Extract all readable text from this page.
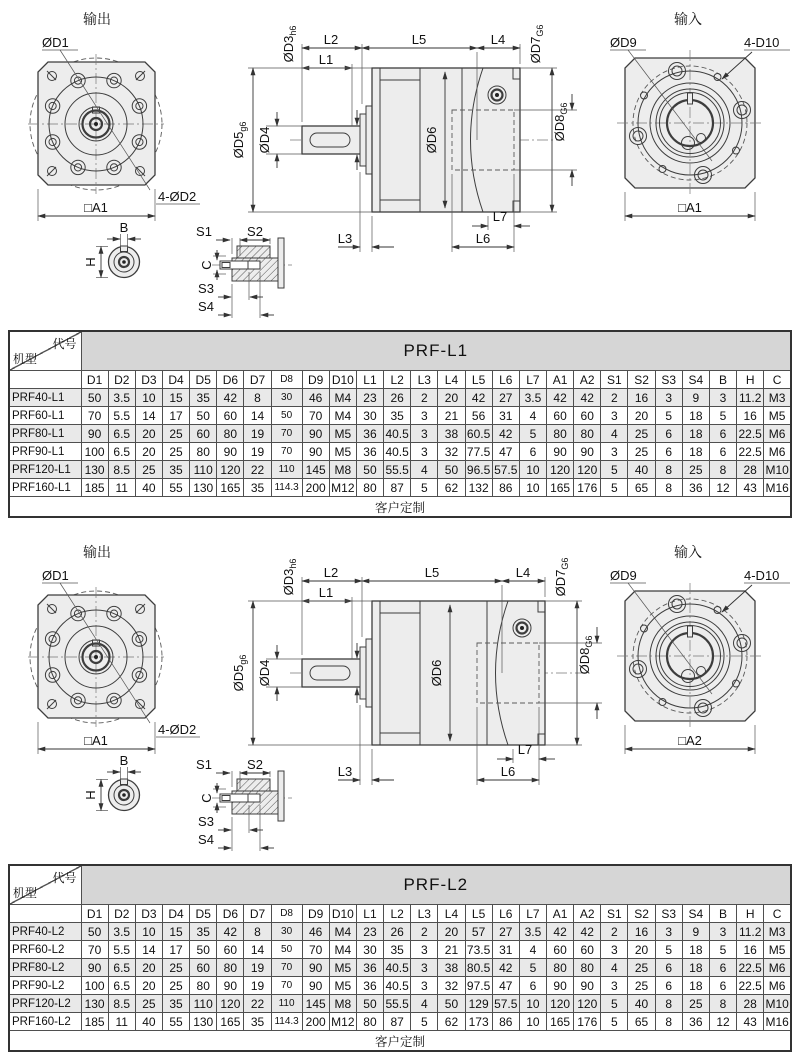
输出
ØD1
4-ØD2
□A1
L2
L1
L5	L4
$ØD3_{h6}$
$ØD5_{g6}$ ØD4	ØD6
$ØD7_{G6}$
$ØD8_{G6}$
L3
L7
L6
输入
ØD9	4-D10
□A1
B
H	C
S1	S2
S3
S4
代号
机型	PRF-L1																									
	D1	D2	D3	D4	D5	D6	D7	D8	D9	D10	L1	L2	L3	L4	L5	L6	L7	A1	A2	S1	S2	S3	S4	B	H	C
PRF40-L1	50	3.5	10	15	35	42	8	30	46	M4	23	26	2	20	42	27	3.5	42	42	2	16	3	9	3	11.2	M3
PRF60-L1	70	5.5	14	17	50	60	14	50	70	M4	30	35	3	21	56	31	4	60	60	3	20	5	18	5	16	M5
PRF80-L1	90	6.5	20	25	60	80	19	70	90	M5	36	40.5	3	38	60.5	42	5	80	80	4	25	6	18	6	22.5	M6
PRF90-L1	100	6.5	20	25	80	90	19	70	90	M5	36	40.5	3	32	77.5	47	6	90	90	3	25	6	18	6	22.5	M6
PRF120-L1	130	8.5	25	35	110	120	22	110	145	M8	50	55.5	4	50	96.5	57.5	10	120	120	5	40	8	25	8	28	M10
PRF160-L1	185	11	40	55	130	165	35	114.3	200	M12	80	87	5	62	132	86	10	165	176	5	65	8	36	12	43	M16
客户定制																										
输出
ØD1
4-ØD2
□A1
L2
L1
L5	L4
$ØD3_{h6}$
$ØD5_{g6}$ ØD4	ØD6
$ØD7_{G6}$
$ØD8_{G6}$
L3
L7
L6
输入
ØD9	4-D10
□A2
B
H	C
S1	S2
S3
S4
代号
机型	PRF-L2																									
	D1	D2	D3	D4	D5	D6	D7	D8	D9	D10	L1	L2	L3	L4	L5	L6	L7	A1	A2	S1	S2	S3	S4	B	H	C
PRF40-L2	50	3.5	10	15	35	42	8	30	46	M4	23	26	2	20	57	27	3.5	42	42	2	16	3	9	3	11.2	M3
PRF60-L2	70	5.5	14	17	50	60	14	50	70	M4	30	35	3	21	73.5	31	4	60	60	3	20	5	18	5	16	M5
PRF80-L2	90	6.5	20	25	60	80	19	70	90	M5	36	40.5	3	38	80.5	42	5	80	80	4	25	6	18	6	22.5	M6
PRF90-L2	100	6.5	20	25	80	90	19	70	90	M5	36	40.5	3	32	97.5	47	6	90	90	3	25	6	18	6	22.5	M6
PRF120-L2	130	8.5	25	35	110	120	22	110	145	M8	50	55.5	4	50	129	57.5	10	120	120	5	40	8	25	8	28	M10
PRF160-L2	185	11	40	55	130	165	35	114.3	200	M12	80	87	5	62	173	86	10	165	176	5	65	8	36	12	43	M16
客户定制																										
